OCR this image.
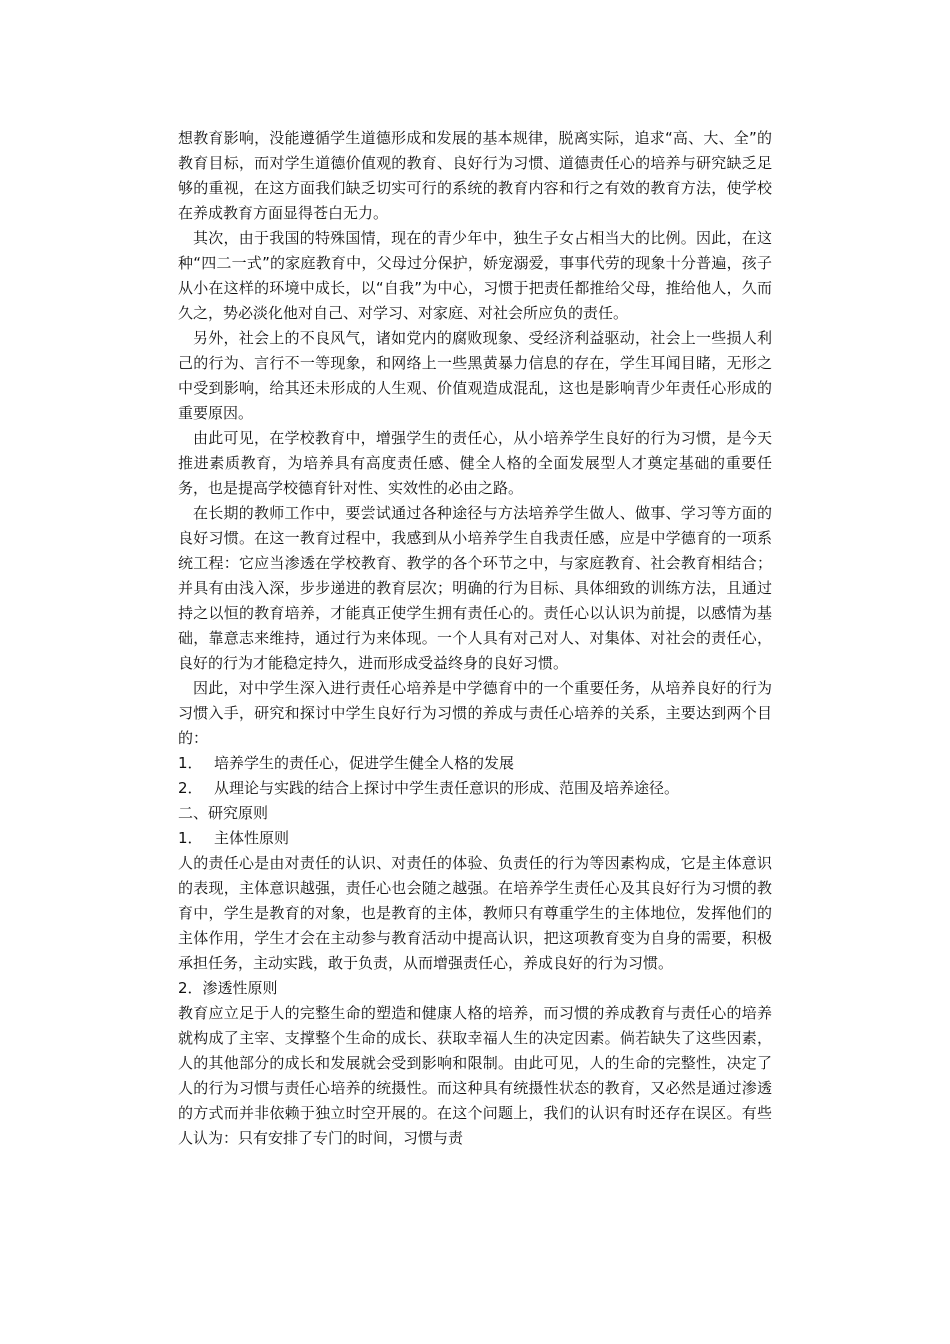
想教育影响，没能遵循学生道德形成和发展的基本规律，脱离实际，追求“高、大、全”的教育目标，而对学生道德价值观的教育、良好行为习惯、道德责任心的培养与研究缺乏足够的重视，在这方面我们缺乏切实可行的系统的教育内容和行之有效的教育方法，使学校在养成教育方面显得苍白无力。

其次，由于我国的特殊国情，现在的青少年中，独生子女占相当大的比例。因此，在这种“四二一式”的家庭教育中，父母过分保护，娇宠溺爱，事事代劳的现象十分普遍，孩子从小在这样的环境中成长，以“自我”为中心，习惯于把责任都推给父母，推给他人，久而久之，势必淡化他对自己、对学习、对家庭、对社会所应负的责任。

另外，社会上的不良风气，诸如党内的腐败现象、受经济利益驱动，社会上一些损人利己的行为、言行不一等现象，和网络上一些黑黄暴力信息的存在，学生耳闻目睹，无形之中受到影响，给其还未形成的人生观、价值观造成混乱，这也是影响青少年责任心形成的重要原因。

由此可见，在学校教育中，增强学生的责任心，从小培养学生良好的行为习惯，是今天推进素质教育，为培养具有高度责任感、健全人格的全面发展型人才奠定基础的重要任务，也是提高学校德育针对性、实效性的必由之路。

在长期的教师工作中，要尝试通过各种途径与方法培养学生做人、做事、学习等方面的良好习惯。在这一教育过程中，我感到从小培养学生自我责任感，应是中学德育的一项系统工程：它应当渗透在学校教育、教学的各个环节之中，与家庭教育、社会教育相结合；并具有由浅入深，步步递进的教育层次；明确的行为目标、具体细致的训练方法，且通过持之以恒的教育培养，才能真正使学生拥有责任心的。责任心以认识为前提，以感情为基础，靠意志来维持，通过行为来体现。一个人具有对己对人、对集体、对社会的责任心，良好的行为才能稳定持久，进而形成受益终身的良好习惯。

因此，对中学生深入进行责任心培养是中学德育中的一个重要任务，从培养良好的行为习惯入手，研究和探讨中学生良好行为习惯的养成与责任心培养的关系，主要达到两个目的：

1． 培养学生的责任心，促进学生健全人格的发展

2． 从理论与实践的结合上探讨中学生责任意识的形成、范围及培养途径。

二、研究原则

1． 主体性原则

人的责任心是由对责任的认识、对责任的体验、负责任的行为等因素构成，它是主体意识的表现，主体意识越强，责任心也会随之越强。在培养学生责任心及其良好行为习惯的教育中，学生是教育的对象，也是教育的主体，教师只有尊重学生的主体地位，发挥他们的主体作用，学生才会在主动参与教育活动中提高认识，把这项教育变为自身的需要，积极承担任务，主动实践，敢于负责，从而增强责任心，养成良好的行为习惯。

2．渗透性原则

教育应立足于人的完整生命的塑造和健康人格的培养，而习惯的养成教育与责任心的培养就构成了主宰、支撑整个生命的成长、获取幸福人生的决定因素。倘若缺失了这些因素，人的其他部分的成长和发展就会受到影响和限制。由此可见，人的生命的完整性，决定了人的行为习惯与责任心培养的统摄性。而这种具有统摄性状态的教育，又必然是通过渗透的方式而并非依赖于独立时空开展的。在这个问题上，我们的认识有时还存在误区。有些人认为：只有安排了专门的时间，习惯与责
